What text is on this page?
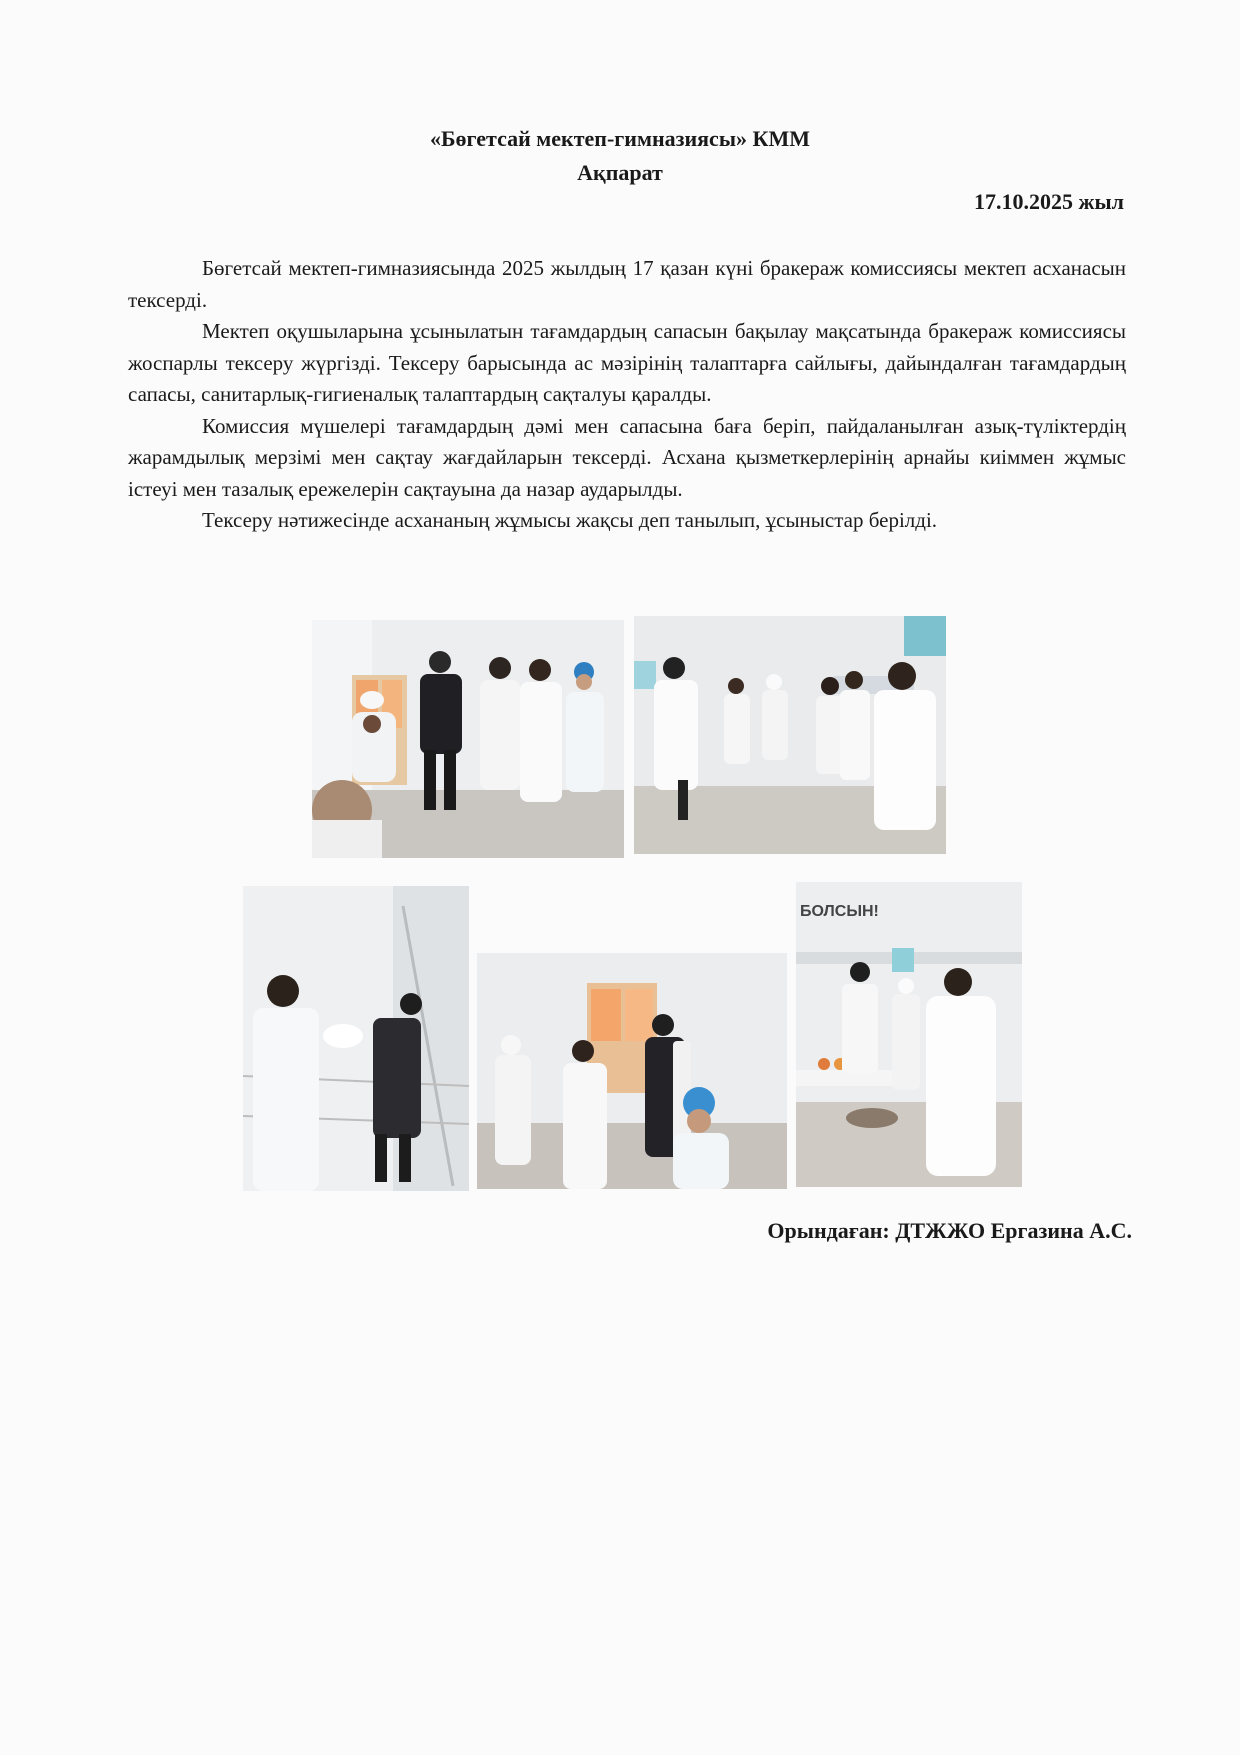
«Бөгетсай мектеп-гимназиясы» КММ
Ақпарат
17.10.2025 жыл

Бөгетсай мектеп-гимназиясында 2025 жылдың 17 қазан күні бракераж комиссиясы мектеп асханасын тексерді.

Мектеп оқушыларына ұсынылатын тағамдардың сапасын бақылау мақсатында бракераж комиссиясы жоспарлы тексеру жүргізді. Тексеру барысында ас мәзірінің талаптарға сайлығы, дайындалған тағамдардың сапасы, санитарлық-гигиеналық талаптардың сақталуы қаралды.

Комиссия мүшелері тағамдардың дәмі мен сапасына баға беріп, пайдаланылған азық-түліктердің жарамдылық мерзімі мен сақтау жағдайларын тексерді. Асхана қызметкерлерінің арнайы киіммен жұмыс істеуі мен тазалық ережелерін сақтауына да назар аударылды.

Тексеру нәтижесінде асхананың жұмысы жақсы деп танылып, ұсыныстар берілді.

БОЛСЫН!
Орындаған: ДТЖЖО Ергазина А.С.
